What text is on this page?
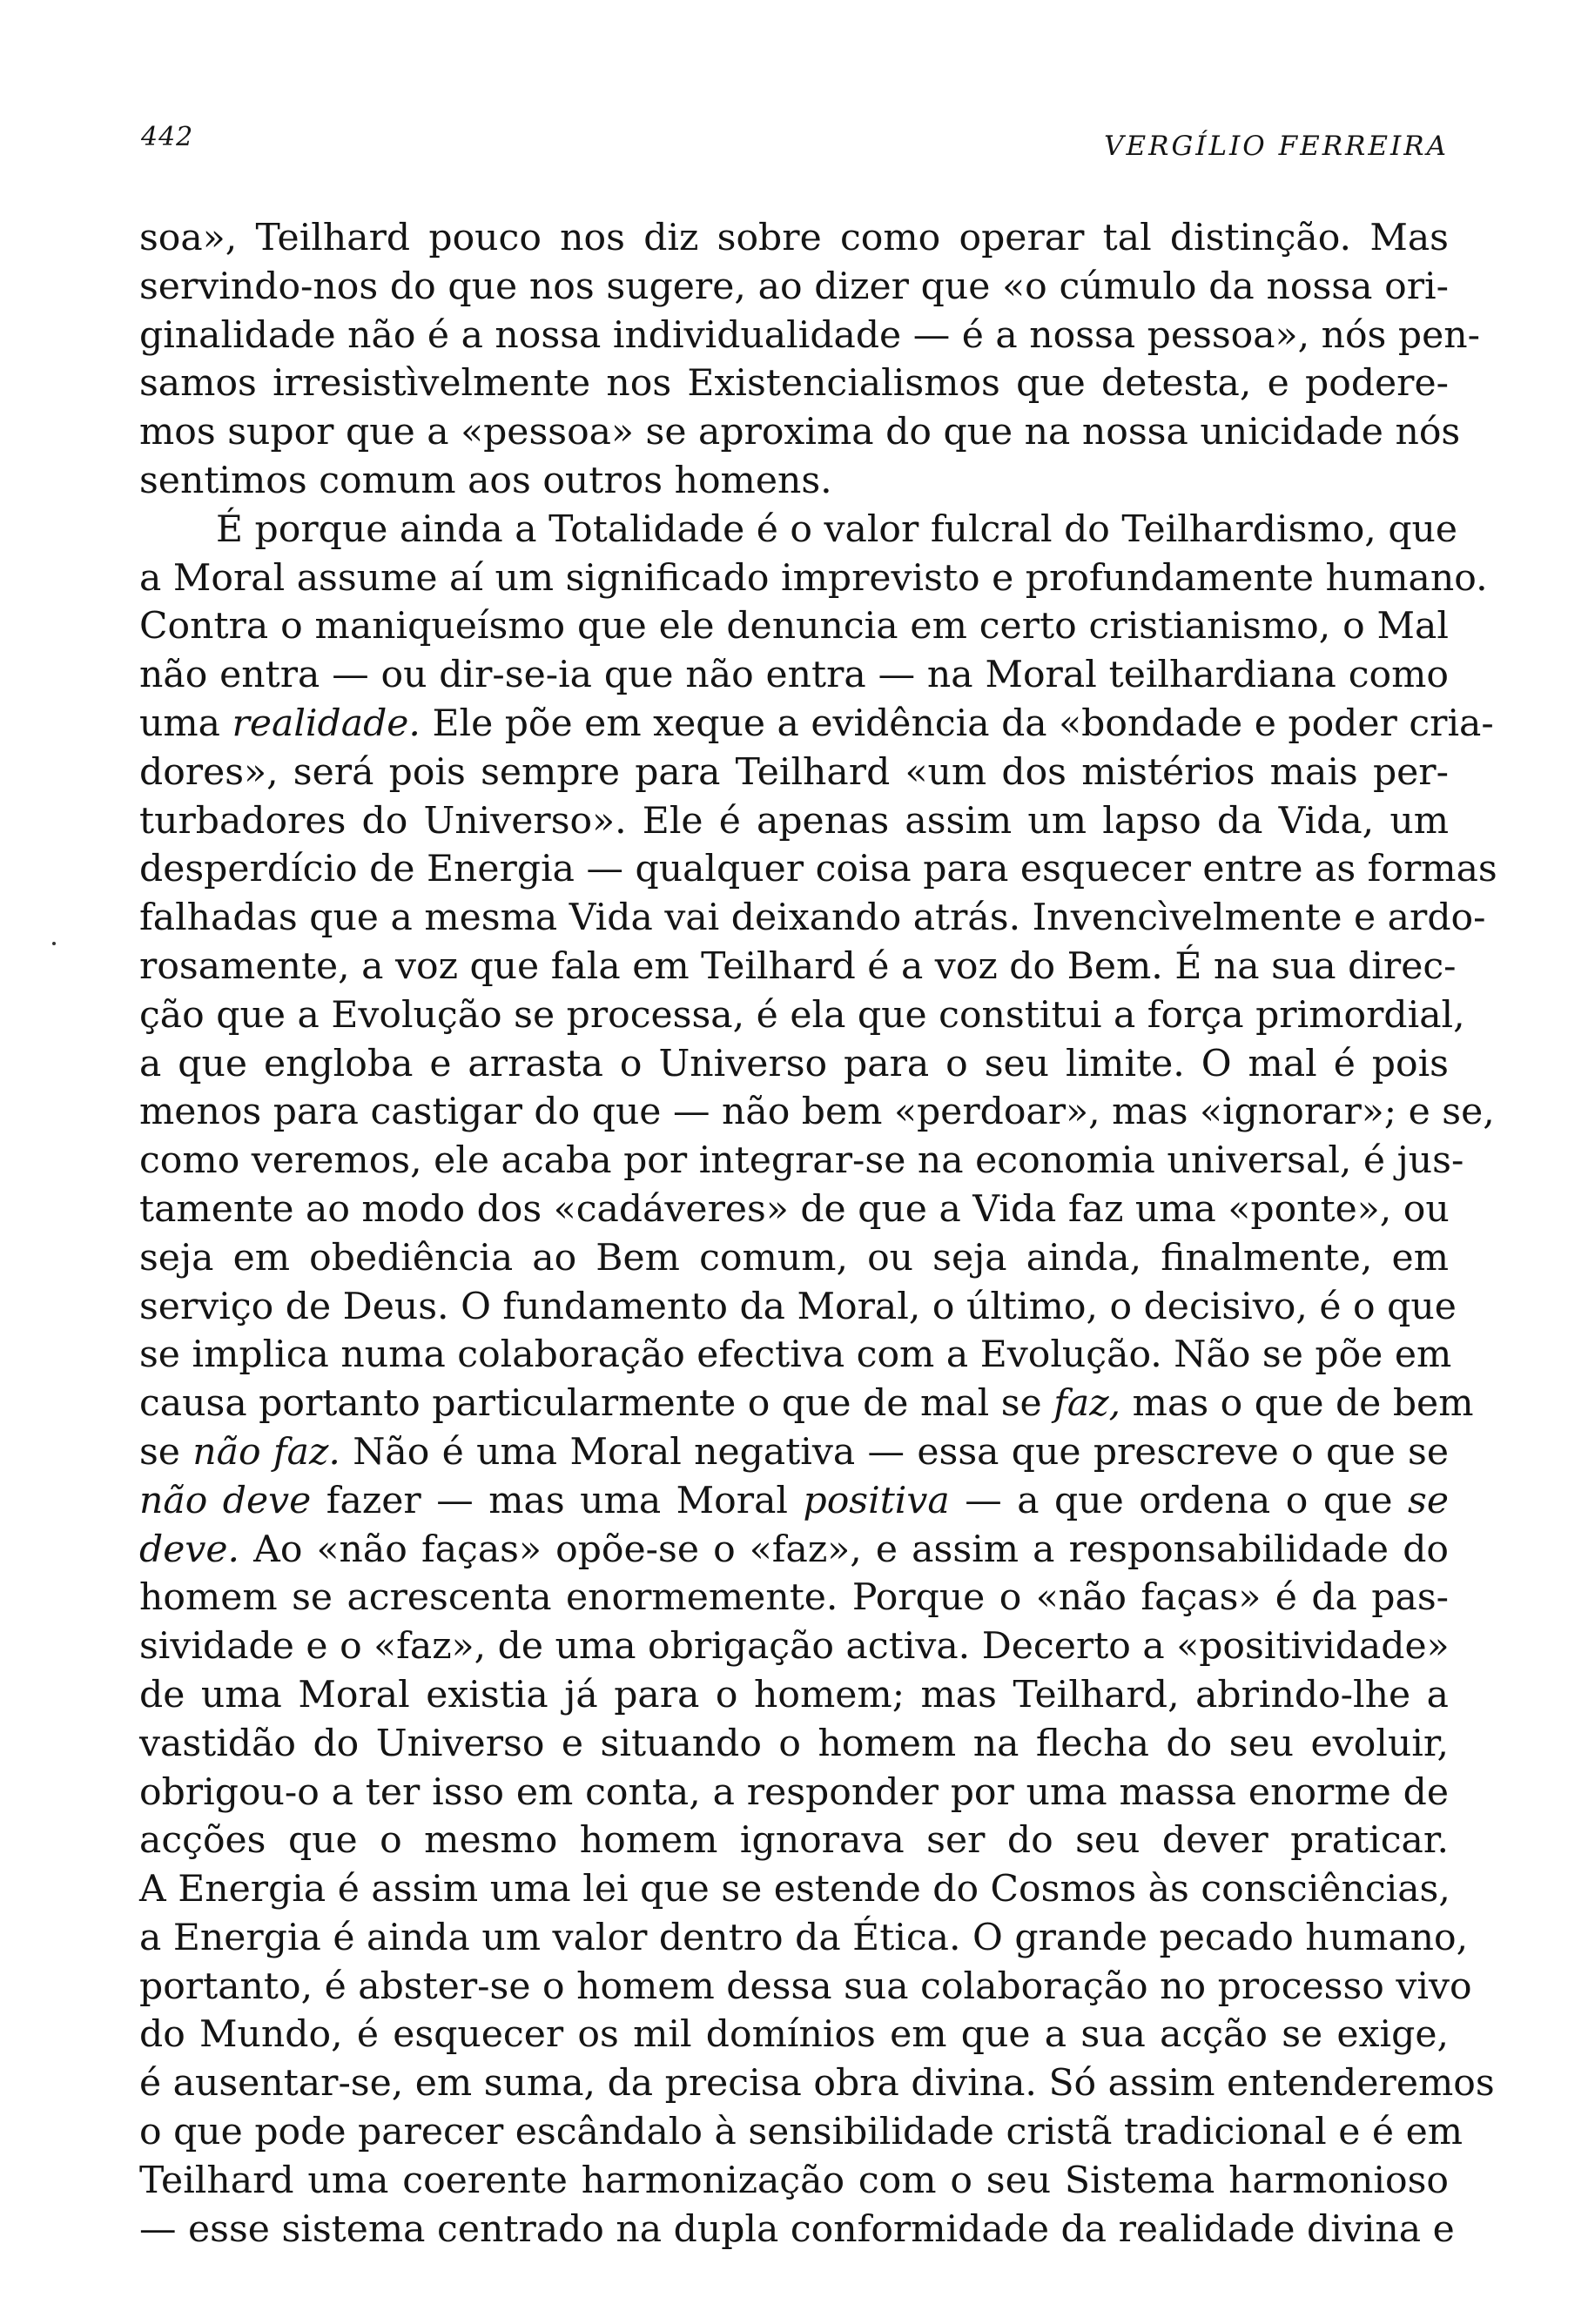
442	VERGÍLIO FERREIRA
soa», Teilhard pouco nos diz sobre como operar tal distinção. Mas
servindo-nos do que nos sugere, ao dizer que «o cúmulo da nossa ori-
ginalidade não é a nossa individualidade — é a nossa pessoa», nós pen-
samos irresistìvelmente nos Existencialismos que detesta, e podere-
mos supor que a «pessoa» se aproxima do que na nossa unicidade nós
sentimos comum aos outros homens.
É porque ainda a Totalidade é o valor fulcral do Teilhardismo, que
a Moral assume aí um significado imprevisto e profundamente humano.
Contra o maniqueísmo que ele denuncia em certo cristianismo, o Mal
não entra — ou dir-se-ia que não entra — na Moral teilhardiana como
uma realidade. Ele põe em xeque a evidência da «bondade e poder cria-
dores», será pois sempre para Teilhard «um dos mistérios mais per-
turbadores do Universo». Ele é apenas assim um lapso da Vida, um
desperdício de Energia — qualquer coisa para esquecer entre as formas
falhadas que a mesma Vida vai deixando atrás. Invencìvelmente e ardo-
rosamente, a voz que fala em Teilhard é a voz do Bem. É na sua direc-
ção que a Evolução se processa, é ela que constitui a força primordial,
a que engloba e arrasta o Universo para o seu limite. O mal é pois
menos para castigar do que — não bem «perdoar», mas «ignorar»; e se,
como veremos, ele acaba por integrar-se na economia universal, é jus-
tamente ao modo dos «cadáveres» de que a Vida faz uma «ponte», ou
seja em obediência ao Bem comum, ou seja ainda, finalmente, em
serviço de Deus. O fundamento da Moral, o último, o decisivo, é o que
se implica numa colaboração efectiva com a Evolução. Não se põe em
causa portanto particularmente o que de mal se faz, mas o que de bem
se não faz. Não é uma Moral negativa — essa que prescreve o que se
não deve fazer — mas uma Moral positiva — a que ordena o que se
deve. Ao «não faças» opõe-se o «faz», e assim a responsabilidade do
homem se acrescenta enormemente. Porque o «não faças» é da pas-
sividade e o «faz», de uma obrigação activa. Decerto a «positividade»
de uma Moral existia já para o homem; mas Teilhard, abrindo-lhe a
vastidão do Universo e situando o homem na flecha do seu evoluir,
obrigou-o a ter isso em conta, a responder por uma massa enorme de
acções que o mesmo homem ignorava ser do seu dever praticar.
A Energia é assim uma lei que se estende do Cosmos às consciências,
a Energia é ainda um valor dentro da Ética. O grande pecado humano,
portanto, é abster-se o homem dessa sua colaboração no processo vivo
do Mundo, é esquecer os mil domínios em que a sua acção se exige,
é ausentar-se, em suma, da precisa obra divina. Só assim entenderemos
o que pode parecer escândalo à sensibilidade cristã tradicional e é em
Teilhard uma coerente harmonização com o seu Sistema harmonioso
— esse sistema centrado na dupla conformidade da realidade divina e
